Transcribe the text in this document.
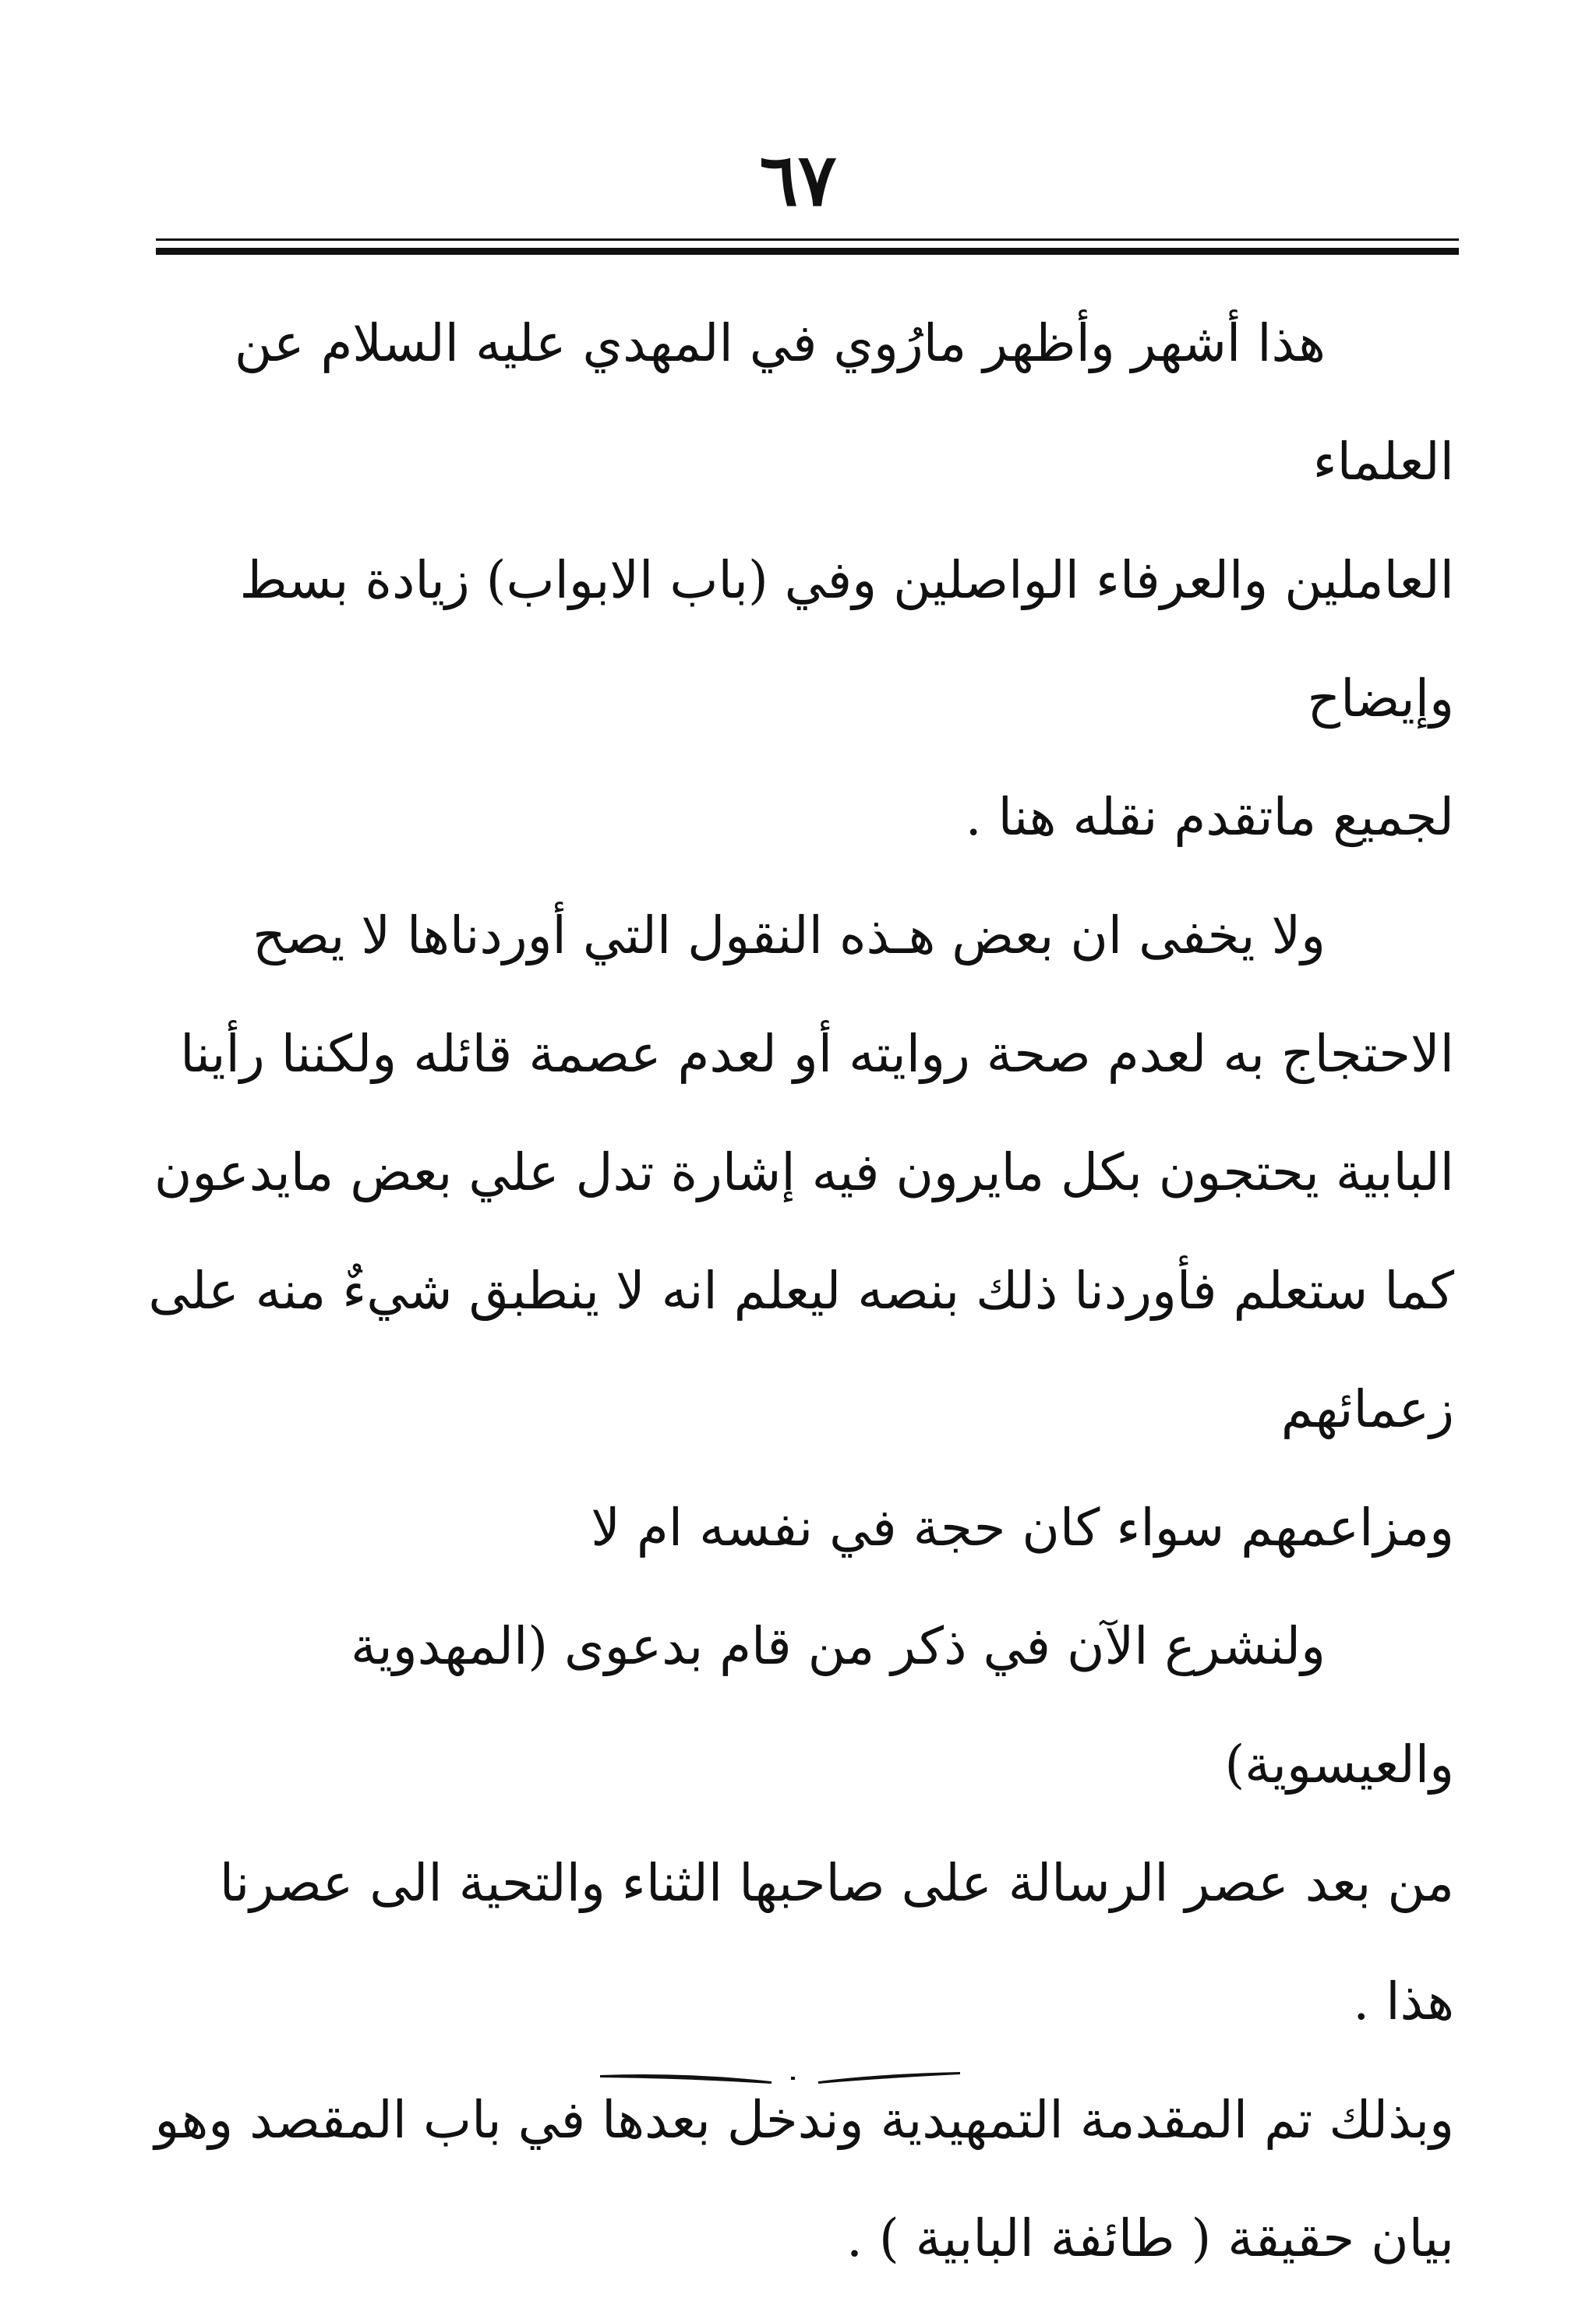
٦٧

هذا أشهر وأظهر مارُوي في المهدي عليه السلام عن العلماء
العاملين والعرفاء الواصلين وفي (باب الابواب) زيادة بسط وإيضاح
لجميع ماتقدم نقله هنا .

ولا يخفى ان بعض هـذه النقول التي أوردناها لا يصح
الاحتجاج به لعدم صحة روايته أو لعدم عصمة قائله ولكننا رأينا
البابية يحتجون بكل مايرون فيه إشارة تدل علي بعض مايدعون
كما ستعلم فأوردنا ذلك بنصه ليعلم انه لا ينطبق شيءٌ منه على زعمائهم
ومزاعمهم سواء كان حجة في نفسه ام لا

ولنشرع الآن في ذكر من قام بدعوى (المهدوية والعيسوية)
من بعد عصر الرسالة على صاحبها الثناء والتحية الى عصرنا هذا .
وبذلك تم المقدمة التمهيدية وندخل بعدها في باب المقصد وهو
بيان حقيقة ( طائفة البابية ) .
